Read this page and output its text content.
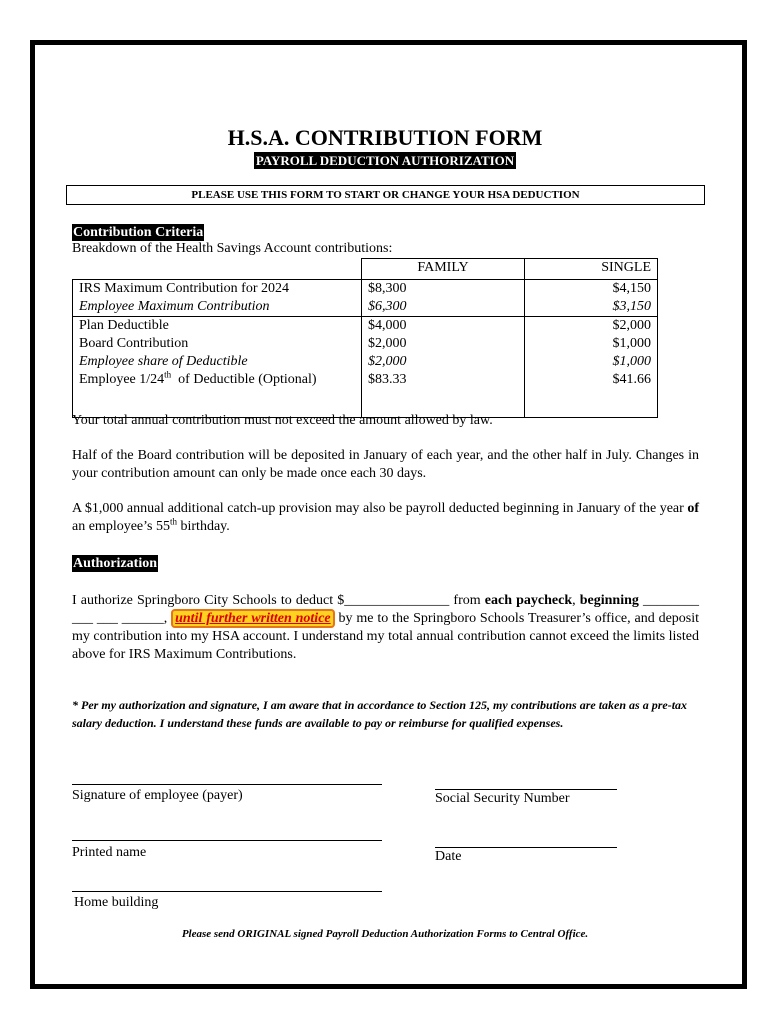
H.S.A. CONTRIBUTION FORM
PAYROLL DEDUCTION AUTHORIZATION
PLEASE USE THIS FORM TO START OR CHANGE YOUR HSA DEDUCTION
Contribution Criteria
Breakdown of the Health Savings Account contributions:
	FAMILY	SINGLE
IRS Maximum Contribution for 2024	$8,300	$4,150
Employee Maximum Contribution	$6,300	$3,150
Plan Deductible	$4,000	$2,000
Board Contribution	$2,000	$1,000
Employee share of Deductible	$2,000	$1,000
Employee 1/24th  of Deductible (Optional)	$83.33	$41.66

Your total annual contribution must not exceed the amount allowed by law.
Half of the Board contribution will be deposited in January of each year, and the other half in July. Changes in your contribution amount can only be made once each 30 days.
A $1,000 annual additional catch-up provision may also be payroll deducted beginning in January of the year of an employee’s 55th birthday.
Authorization
I authorize Springboro City Schools to deduct $_______________ from each paycheck, beginning ________ ___ ___ ______, until further written notice by me to the Springboro Schools Treasurer’s office, and deposit my contribution into my HSA account. I understand my total annual contribution cannot exceed the limits listed above for IRS Maximum Contributions.
* Per my authorization and signature, I am aware that in accordance to Section 125, my contributions are taken as a pre-tax salary deduction. I understand these funds are available to pay or reimburse for qualified expenses.
Signature of employee (payer)	Social Security Number
Printed name	Date
Home building
Please send ORIGINAL signed Payroll Deduction Authorization Forms to Central Office.
